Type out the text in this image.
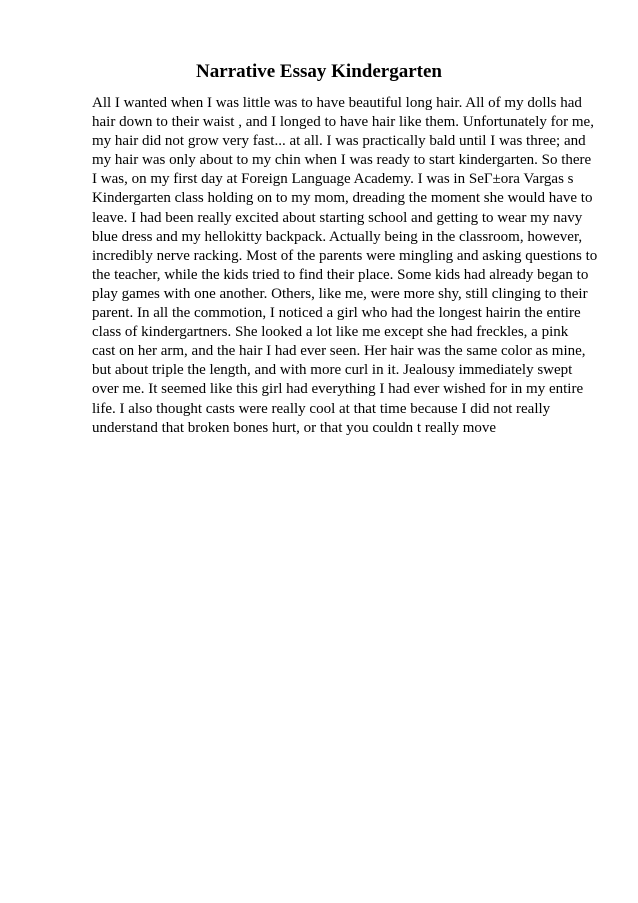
Narrative Essay Kindergarten
All I wanted when I was little was to have beautiful long hair. All of my dolls had
hair down to their waist , and I longed to have hair like them. Unfortunately for me,
my hair did not grow very fast... at all. I was practically bald until I was three; and
my hair was only about to my chin when I was ready to start kindergarten. So there
I was, on my first day at Foreign Language Academy. I was in SeΓ±ora Vargas s
Kindergarten class holding on to my mom, dreading the moment she would have to
leave. I had been really excited about starting school and getting to wear my navy
blue dress and my hellokitty backpack. Actually being in the classroom, however,
incredibly nerve racking. Most of the parents were mingling and asking questions to
the teacher, while the kids tried to find their place. Some kids had already began to
play games with one another. Others, like me, were more shy, still clinging to their
parent. In all the commotion, I noticed a girl who had the longest hairin the entire
class of kindergartners. She looked a lot like me except she had freckles, a pink
cast on her arm, and the hair I had ever seen. Her hair was the same color as mine,
but about triple the length, and with more curl in it. Jealousy immediately swept
over me. It seemed like this girl had everything I had ever wished for in my entire
life. I also thought casts were really cool at that time because I did not really
understand that broken bones hurt, or that you couldn t really move
